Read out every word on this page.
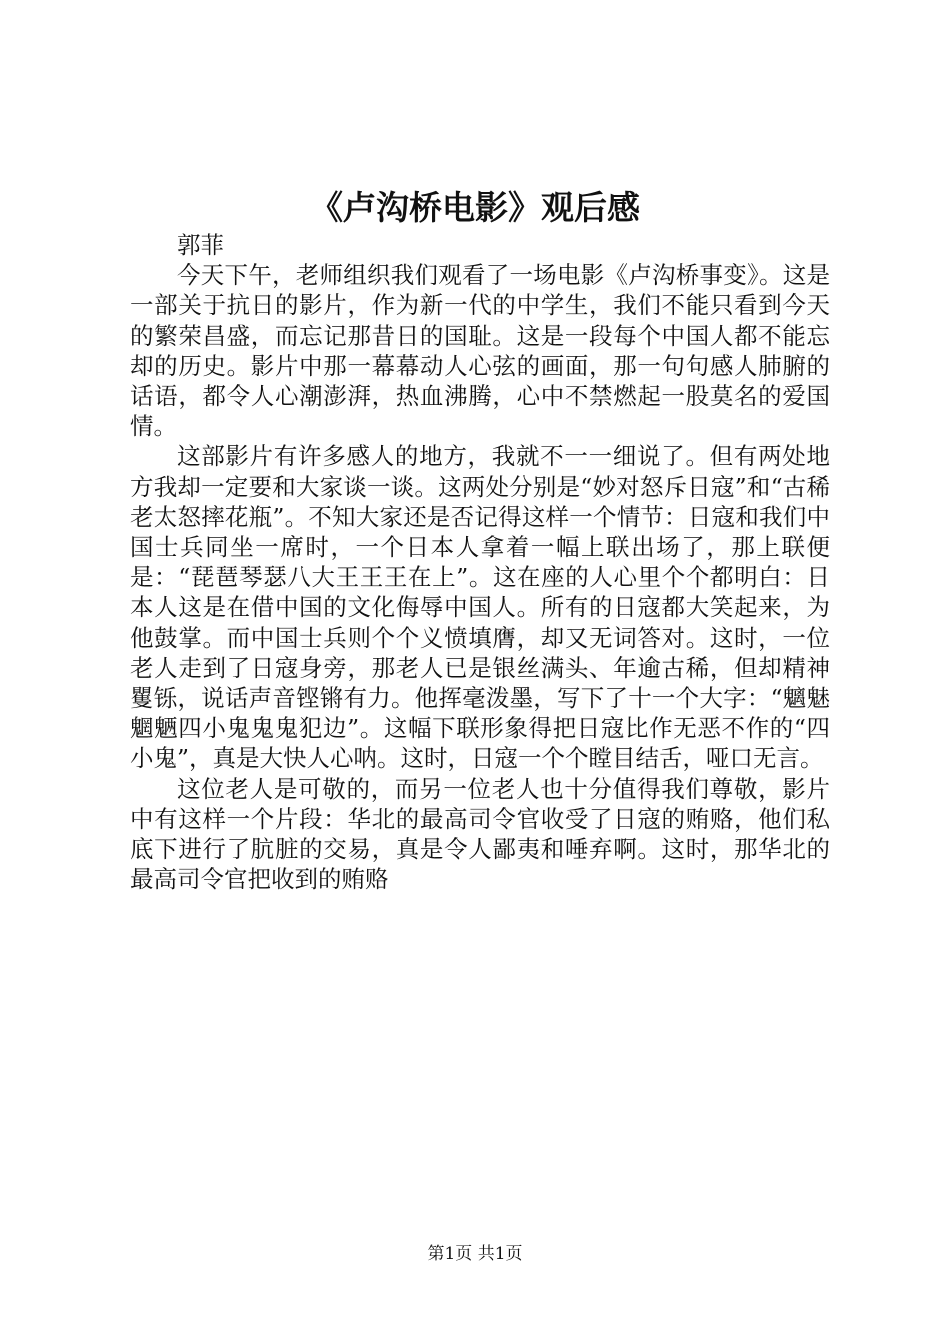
《卢沟桥电影》观后感

郭菲

今天下午，老师组织我们观看了一场电影《卢沟桥事变》。这是一部关于抗日的影片，作为新一代的中学生，我们不能只看到今天的繁荣昌盛，而忘记那昔日的国耻。这是一段每个中国人都不能忘却的历史。影片中那一幕幕动人心弦的画面，那一句句感人肺腑的话语，都令人心潮澎湃，热血沸腾，心中不禁燃起一股莫名的爱国情。

这部影片有许多感人的地方，我就不一一细说了。但有两处地方我却一定要和大家谈一谈。这两处分别是“妙对怒斥日寇”和“古稀老太怒摔花瓶”。不知大家还是否记得这样一个情节：日寇和我们中国士兵同坐一席时，一个日本人拿着一幅上联出场了，那上联便是：“琵琶琴瑟八大王王王在上”。这在座的人心里个个都明白：日本人这是在借中国的文化侮辱中国人。所有的日寇都大笑起来，为他鼓掌。而中国士兵则个个义愤填膺，却又无词答对。这时，一位老人走到了日寇身旁，那老人已是银丝满头、年逾古稀，但却精神矍铄，说话声音铿锵有力。他挥毫泼墨，写下了十一个大字：“魑魅魍魉四小鬼鬼鬼犯边”。这幅下联形象得把日寇比作无恶不作的“四小鬼”，真是大快人心呐。这时，日寇一个个瞠目结舌，哑口无言。

这位老人是可敬的，而另一位老人也十分值得我们尊敬，影片中有这样一个片段：华北的最高司令官收受了日寇的贿赂，他们私底下进行了肮脏的交易，真是令人鄙夷和唾弃啊。这时，那华北的最高司令官把收到的贿赂

第1页 共1页
